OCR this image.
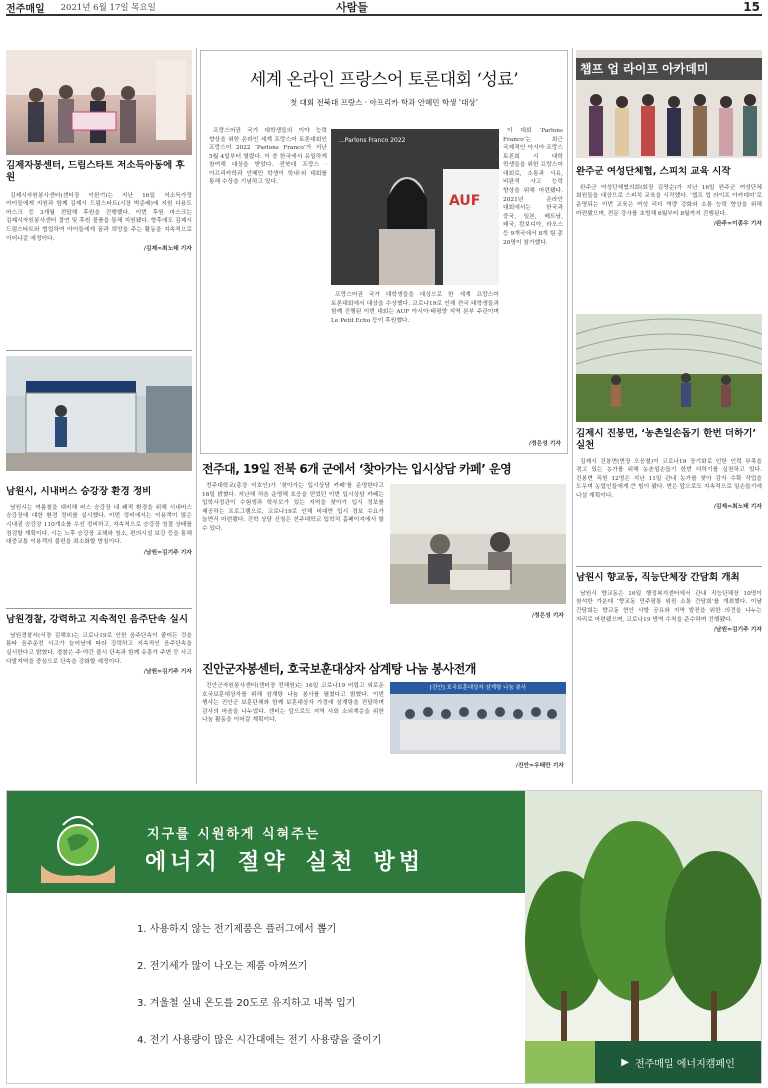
전주매일 2021년 6월 17일 목요일	사람들	15
김제자봉센터, 드림스타트 저소득아동에 후원

김제시자원봉사센터(센터장 이한기)는 지난 16일 저소득가정 아이들에게 지원과 함께 김제시 드림스타트(시장 박준배)에 지원 다용도 마스크 등 3개월 전달해 후원을 진행했다. 이번 후원 마스크는 김제시자원봉사센터 결연 및 후원 물품을 통해 지원됐다. 향후에도 김제시 드림스타트와 협업하여 아이들에게 꿈과 희망을 주는 활동을 지속적으로 이어나갈 예정이다.

/김제=최노태 기자
남원시, 시내버스 승강장 환경 정비

남원시는 여름철을 대비해 버스 승강장 내 쾌적 환경을 위해 시내버스 승강장에 대한 환경 정비를 실시했다. 이번 정비에서는 이용객이 많은 시내권 승강장 110개소를 우선 정비하고, 지속적으로 승강장 청결 상태를 점검할 계획이다. 시는 노후 승강장 교체와 청소, 편의시설 보강 등을 통해 대중교통 이용객의 불편을 최소화할 방침이다.

/남원=김기주 기자
남원경찰, 강력하고 지속적인 음주단속 실시

남원경찰서(서장 김해호)는 코로나19로 인한 음주단속이 줄어든 것을 틈타 음주운전 사고가 늘어남에 따라 강력하고 지속적인 음주단속을 실시한다고 밝혔다. 경찰은 주·야간 불시 단속과 함께 유흥가 주변 등 사고 다발지역을 중심으로 단속을 강화할 예정이다.

/남원=김기주 기자
세계 온라인 프랑스어 토론대회 ‘성료’
첫 대회 전북대 프랑스 · 아프리카 학과 안혜민 학생 ‘대상’

프랑스어권 국가 대학생들의 이야 능력 향상을 위한 온라인 세계 프랑스어 토론대회인 프랑스어 2022 ‘Parlons Franco’가 지난 5월 4일부터 열렸다. 이 중 한국에서 유일하게 참여해 대상을 받았다. 전북대 프랑스 · 아프리카학과 안혜민 학생이 학내·외 대회를 통해 수상을 기념하고 있다.

...Parlons Franco 2022
AUF

프랑스어권 국가 대학생들을 대상으로 한 세계 프랑스어 토론대회에서 대상을 수상했다. 코로나19로 인해 전국 대학생들과 함께 진행된 이번 대회는 AUF 아시아·태평양 지역 본부 주관이며 Le Petit Echo 등이 후원했다.

이 대회 ‘Parlons Franco’는 최근 국제적인 아시아·프랑스 토론회 시 대학 학생들을 위한 프랑스어 대회로, 소통과 사유, 비판적 사고 능력 향상을 위해 마련됐다. 2021년 온라인 대회에서는 한국과 중국, 일본, 베트남, 태국, 캄보디아, 라오스 등 9개국에서 8개 팀 총 20명이 참가했다.

/정은성 기자
전주대, 19일 전북 6개 군에서 ‘찾아가는 입시상담 카페’ 운영

전주대학교(총장 이호인)가 ‘찾아가는 입시상담 카페’를 운영한다고 16일 밝혔다. 지난해 처음 운영해 호응을 얻었던 이번 입시상담 카페는 입학사정관이 수험생과 학부모가 있는 지역을 찾아가 입시 정보를 제공하는 프로그램으로, 코로나19로 인해 비대면 입시 정보 수요가 늘면서 마련됐다. 진학 상담 신청은 전주대학교 입학처 홈페이지에서 할 수 있다.

/정은성 기자
진안군자봉센터, 호국보훈대상자 삼계탕 나눔 봉사전개

진안군자원봉사센터(센터장 전해원)는 16일 코로나19 어렵고 외로운 호국보훈대상자를 위해 삼계탕 나눔 봉사를 펼쳤다고 밝혔다. 이번 행사는 진안군 보훈단체와 함께 보훈대상자 가정에 삼계탕을 전달하며 감사의 마음을 나누었다. 센터는 앞으로도 지역 사회 소외계층을 위한 나눔 활동을 이어갈 계획이다.

[진안] 호국보훈대상자 삼계탕 나눔 봉사
/진안=우태만 기자
챕프 업 라이프 아카데미
완주군 여성단체협, 스피치 교육 시작

완주군 여성단체협의회(회장 김영순)가 지난 16일 완주군 여성단체 회원들을 대상으로 스피치 교육을 시작했다. ‘챕프 업 라이프 아카데미’로 운영되는 이번 교육은 여성 리더 역량 강화와 소통 능력 향상을 위해 마련됐으며, 전문 강사를 초빙해 6월부터 8월까지 진행된다.

/완주=이종우 기자
김제시 진봉면, ‘농촌일손돕기 한번 더하기’ 실천

김제시 진봉면(면장 오응철)이 코로나19 장기화로 인한 인력 부족을 겪고 있는 농가를 위해 농촌일손돕기 한번 더하기를 실천하고 있다. 진봉면 직원 12명은 지난 11일 관내 농가를 찾아 감자 수확 작업을 도우며 농업인들에게 큰 힘이 됐다. 면은 앞으로도 지속적으로 일손돕기에 나설 계획이다.

/김제=최노태 기자
남원시 향교동, 직능단체장 간담회 개최

남원시 향교동은 16일 행정복지센터에서 관내 직능단체장 10명이 참석한 가운데 ‘향교동 민주평통 위원 소통 간담회’를 개최했다. 이날 간담회는 향교동 현안 사항 공유와 지역 발전을 위한 의견을 나누는 자리로 마련됐으며, 코로나19 방역 수칙을 준수하며 진행됐다.

/남원=김기주 기자
지구를 시원하게 식혀주는
에너지 절약 실천 방법
1. 사용하지 않는 전기제품은 플러그에서 뽑기
2. 전기세가 많이 나오는 제품 아껴쓰기
3. 겨울철 실내 온도를 20도로 유지하고 내복 입기
4. 전기 사용량이 많은 시간대에는 전기 사용량을 줄이기
▶ 전주매일 에너지캠페인
